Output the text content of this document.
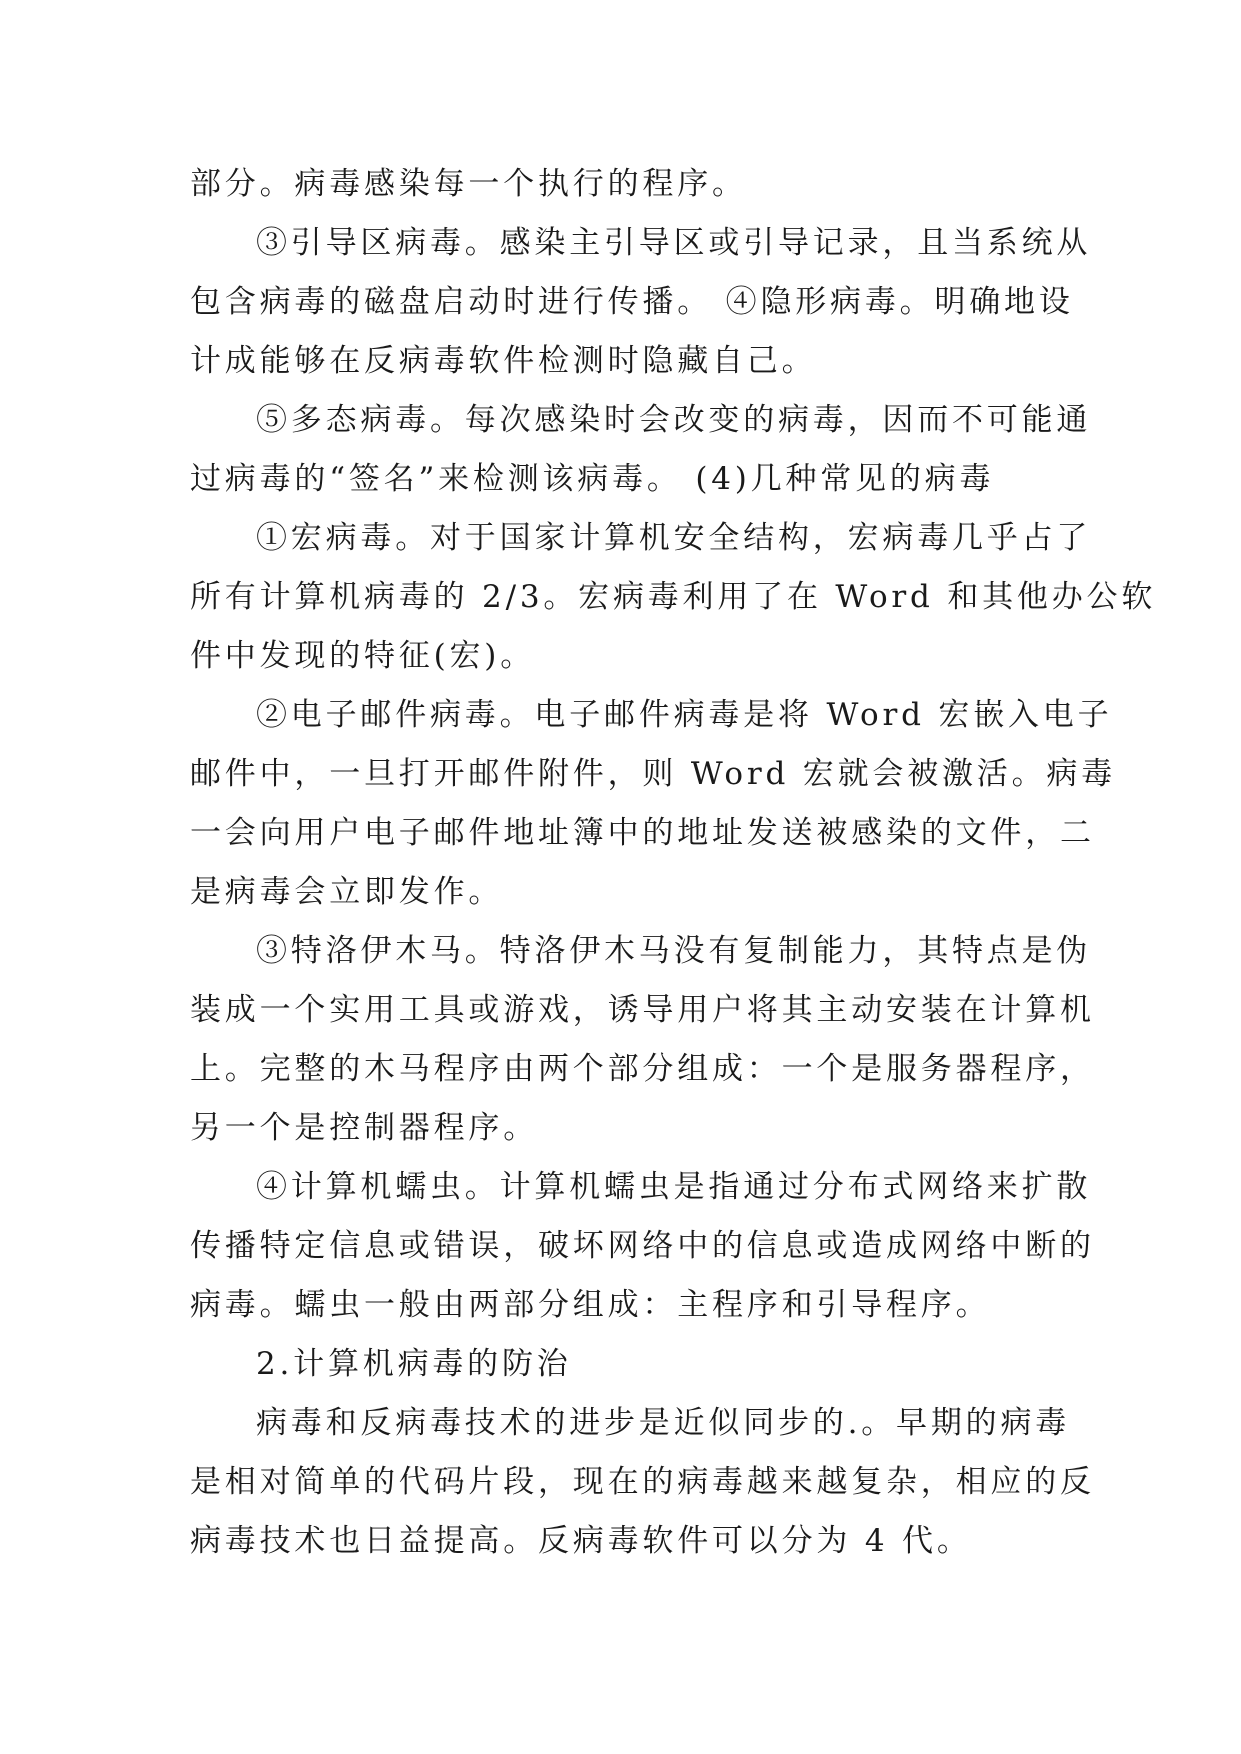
部分。病毒感染每一个执行的程序。
③引导区病毒。感染主引导区或引导记录，且当系统从
包含病毒的磁盘启动时进行传播。 ④隐形病毒。明确地设
计成能够在反病毒软件检测时隐藏自己。
⑤多态病毒。每次感染时会改变的病毒，因而不可能通
过病毒的“签名”来检测该病毒。 (4)几种常见的病毒
①宏病毒。对于国家计算机安全结构，宏病毒几乎占了
所有计算机病毒的 2/3。宏病毒利用了在 Word 和其他办公软
件中发现的特征(宏)。
②电子邮件病毒。电子邮件病毒是将 Word 宏嵌入电子
邮件中，一旦打开邮件附件，则 Word 宏就会被激活。病毒
一会向用户电子邮件地址簿中的地址发送被感染的文件，二
是病毒会立即发作。
③特洛伊木马。特洛伊木马没有复制能力，其特点是伪
装成一个实用工具或游戏，诱导用户将其主动安装在计算机
上。完整的木马程序由两个部分组成：一个是服务器程序，
另一个是控制器程序。
④计算机蠕虫。计算机蠕虫是指通过分布式网络来扩散
传播特定信息或错误，破坏网络中的信息或造成网络中断的
病毒。蠕虫一般由两部分组成：主程序和引导程序。
2.计算机病毒的防治
病毒和反病毒技术的进步是近似同步的.。早期的病毒
是相对简单的代码片段，现在的病毒越来越复杂，相应的反
病毒技术也日益提高。反病毒软件可以分为 4 代。
